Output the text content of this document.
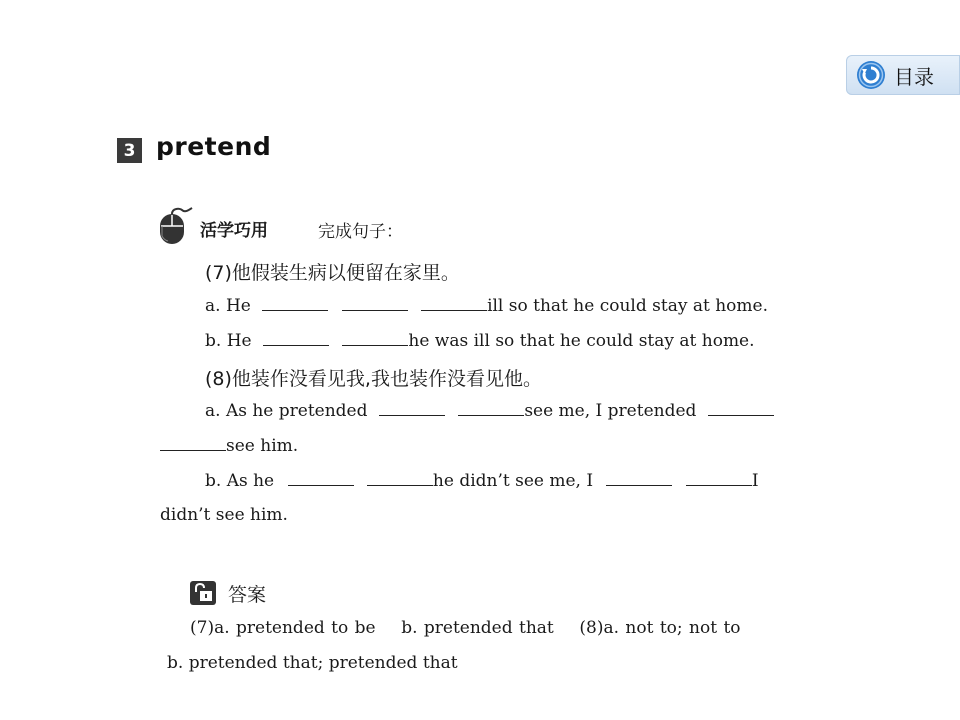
目录
3 pretend
活学巧用	完成句子：
(7)他假装生病以便留在家里。
a. He	ill so that he could stay at home.
b. He	he was ill so that he could stay at home.
(8)他装作没看见我,我也装作没看见他。
a. As he pretended	see me, I pretended
see him.
b. As he	he didn’t see me, I	I
didn’t see him.
答案
(7)a. pretended to be    b. pretended that    (8)a. not to; not to
b. pretended that; pretended that
